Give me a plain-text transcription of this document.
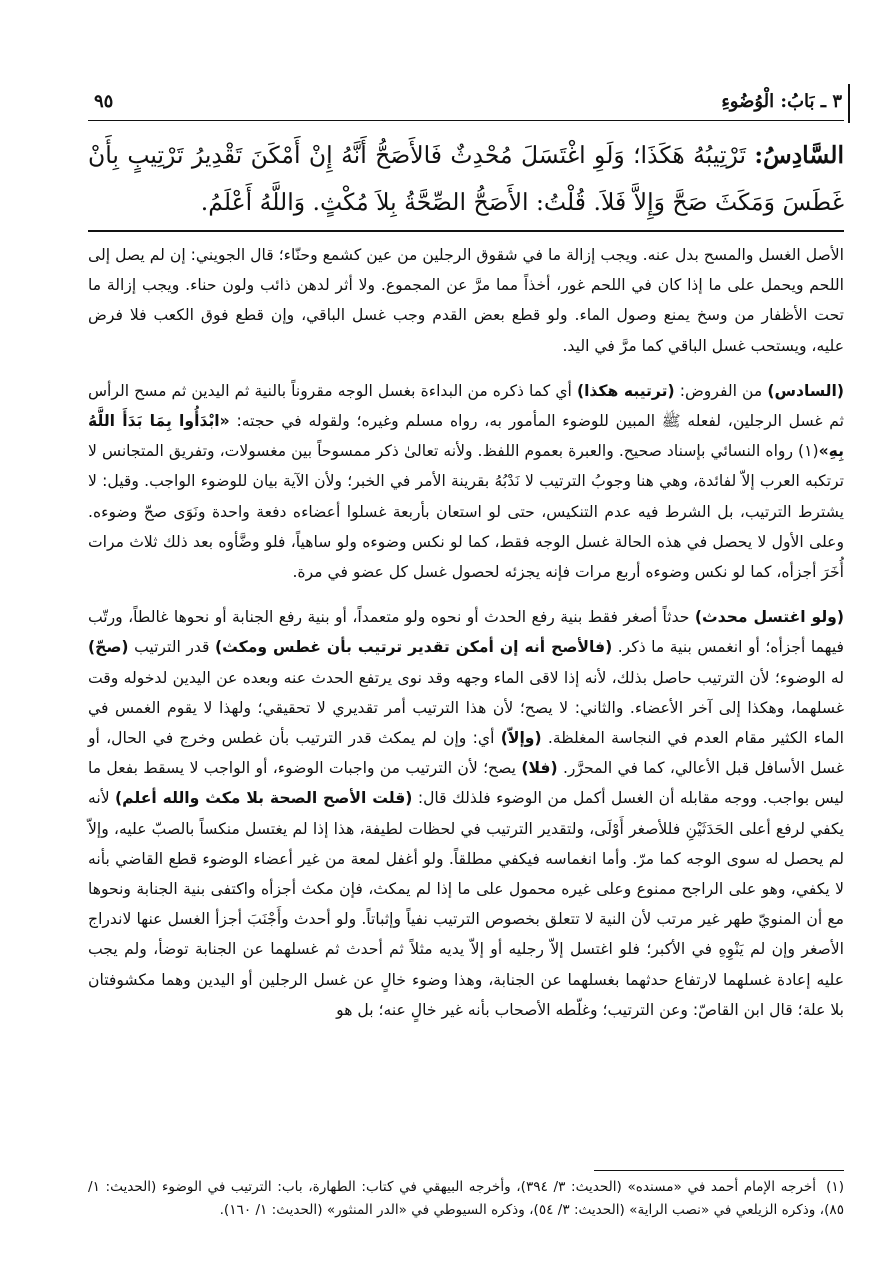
٣ ـ بَابُ: الْوُضُوءِ
٩٥
السَّادِسُ: تَرْتِيبُهُ هَكَذَا؛ وَلَوِ اغْتَسَلَ مُحْدِثٌ فَالأَصَحُّ أَنَّهُ إِنْ أَمْكَنَ تَقْدِيرُ تَرْتِيبٍ بِأَنْ غَطَسَ وَمَكَثَ صَحَّ وَإِلاَّ فَلاَ. قُلْتُ: الأَصَحُّ الصِّحَّةُ بِلاَ مُكْثٍ. وَاللَّهُ أَعْلَمُ.

الأصل الغسل والمسح بدل عنه. ويجب إزالة ما في شقوق الرجلين من عين كشمع وحنّاء؛ قال الجويني: إن لم يصل إلى اللحم ويحمل على ما إذا كان في اللحم غور، أخذاً مما مرَّ عن المجموع. ولا أثر لدهن ذائب ولون حناء. ويجب إزالة ما تحت الأظفار من وسخ يمنع وصول الماء. ولو قطع بعض القدم وجب غسل الباقي، وإن قطع فوق الكعب فلا فرض عليه، ويستحب غسل الباقي كما مرَّ في اليد.

(السادس) من الفروض: (ترتيبه هكذا) أي كما ذكره من البداءة بغسل الوجه مقروناً بالنية ثم اليدين ثم مسح الرأس ثم غسل الرجلين، لفعله ﷺ المبين للوضوء المأمور به، رواه مسلم وغيره؛ ولقوله في حجته: «ابْدَأُوا بِمَا بَدَأَ اللَّهُ بِهِ»(١) رواه النسائي بإسناد صحيح. والعبرة بعموم اللفظ. ولأنه تعالىٰ ذكر ممسوحاً بين مغسولات، وتفريق المتجانس لا ترتكبه العرب إلاّ لفائدة، وهي هنا وجوبُ الترتيب لا نَدْبُهُ بقرينة الأمر في الخبر؛ ولأن الآية بيان للوضوء الواجب. وقيل: لا يشترط الترتيب، بل الشرط فيه عدم التنكيس، حتى لو استعان بأربعة غسلوا أعضاءه دفعة واحدة ونَوَى صحّ وضوءه. وعلى الأول لا يحصل في هذه الحالة غسل الوجه فقط، كما لو نكس وضوءه ولو ساهياً، فلو وضَّأوه بعد ذلك ثلاث مرات أُخَرَ أجزأه، كما لو نكس وضوءه أربع مرات فإنه يجزئه لحصول غسل كل عضو في مرة.

(ولو اغتسل محدث) حدثاً أصغر فقط بنية رفع الحدث أو نحوه ولو متعمداً، أو بنية رفع الجنابة أو نحوها غالطاً، ورتّب فيهما أجزأه؛ أو انغمس بنية ما ذكر. (فالأصح أنه إن أمكن تقدير ترتيب بأن غطس ومكث) قدر الترتيب (صحّ) له الوضوء؛ لأن الترتيب حاصل بذلك، لأنه إذا لاقى الماء وجهه وقد نوى يرتفع الحدث عنه وبعده عن اليدين لدخوله وقت غسلهما، وهكذا إلى آخر الأعضاء. والثاني: لا يصح؛ لأن هذا الترتيب أمر تقديري لا تحقيقي؛ ولهذا لا يقوم الغمس في الماء الكثير مقام العدم في النجاسة المغلظة. (وإلاّ) أي: وإن لم يمكث قدر الترتيب بأن غطس وخرج في الحال، أو غسل الأسافل قبل الأعالي، كما في المحرَّر. (فلا) يصح؛ لأن الترتيب من واجبات الوضوء، أو الواجب لا يسقط بفعل ما ليس بواجب. ووجه مقابله أن الغسل أكمل من الوضوء فلذلك قال: (قلت الأصح الصحة بلا مكث والله أعلم) لأنه يكفي لرفع أعلى الحَدَثَيْنِ فللأصغر أَوْلَى، ولتقدير الترتيب في لحظات لطيفة، هذا إذا لم يغتسل منكساً بالصبّ عليه، وإلاّ لم يحصل له سوى الوجه كما مرّ. وأما انغماسه فيكفي مطلقاً. ولو أغفل لمعة من غير أعضاء الوضوء قطع القاضي بأنه لا يكفي، وهو على الراجح ممنوع وعلى غيره محمول على ما إذا لم يمكث، فإن مكث أجزأه واكتفى بنية الجنابة ونحوها مع أن المنويّ طهر غير مرتب لأن النية لا تتعلق بخصوص الترتيب نفياً وإثباتاً. ولو أحدث وأَجْنَبَ أجزأ الغسل عنها لاندراج الأصغر وإن لم يَنْوِهِ في الأكبر؛ فلو اغتسل إلاّ رجليه أو إلاّ يديه مثلاً ثم أحدث ثم غسلهما عن الجنابة توضأ، ولم يجب عليه إعادة غسلهما لارتفاع حدثهما بغسلهما عن الجنابة، وهذا وضوء خالٍ عن غسل الرجلين أو اليدين وهما مكشوفتان بلا علة؛ قال ابن القاصّ: وعن الترتيب؛ وغلّطه الأصحاب بأنه غير خالٍ عنه؛ بل هو

(١)أخرجه الإمام أحمد في «مسنده» (الحديث: ٣/ ٣٩٤)، وأخرجه البيهقي في كتاب: الطهارة، باب: الترتيب في الوضوء (الحديث: ١/ ٨٥)، وذكره الزيلعي في «نصب الراية» (الحديث: ٣/ ٥٤)، وذكره السيوطي في «الدر المنثور» (الحديث: ١/ ١٦٠).
